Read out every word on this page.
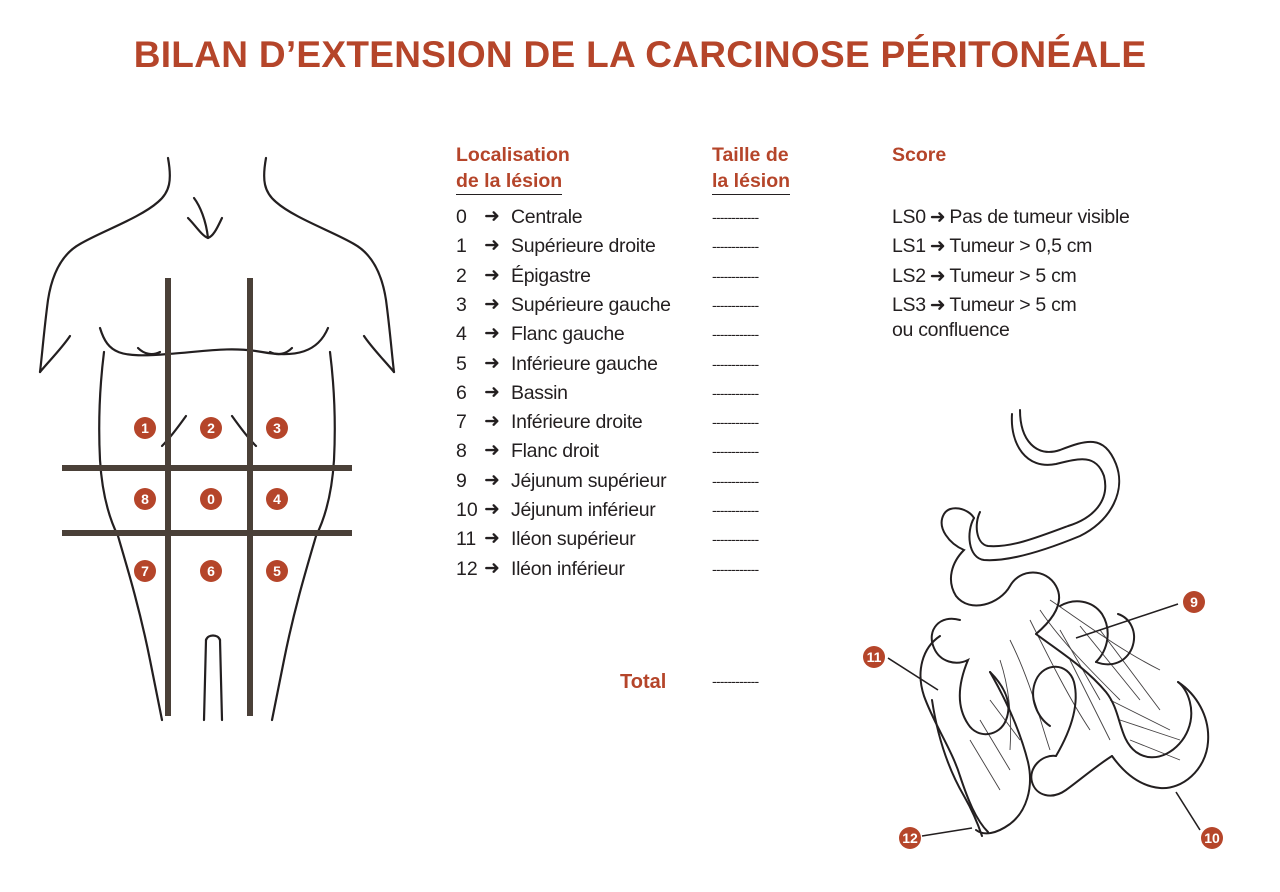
BILAN D’EXTENSION DE LA CARCINOSE PÉRITONÉALE
Localisation
de la lésion
Taille de
la lésion
Score
0 ➜ Centrale	------------
1 ➜ Supérieure droite	------------
2 ➜ Épigastre	------------
3 ➜ Supérieure gauche	------------
4 ➜ Flanc gauche	------------
5 ➜ Inférieure gauche	------------
6 ➜ Bassin	------------
7 ➜ Inférieure droite	------------
8 ➜ Flanc droit	------------
9 ➜ Jéjunum supérieur	------------
10 ➜ Jéjunum inférieur	------------
11 ➜ Iléon supérieur	------------
12 ➜ Iléon inférieur	------------
LS0 ➜ Pas de tumeur visible
LS1 ➜ Tumeur > 0,5 cm
LS2 ➜ Tumeur > 5 cm
LS3 ➜ Tumeur > 5 cm
ou confluence
Total	------------
1	2	3
8	0	4
7	6	5
9
11
12	10
